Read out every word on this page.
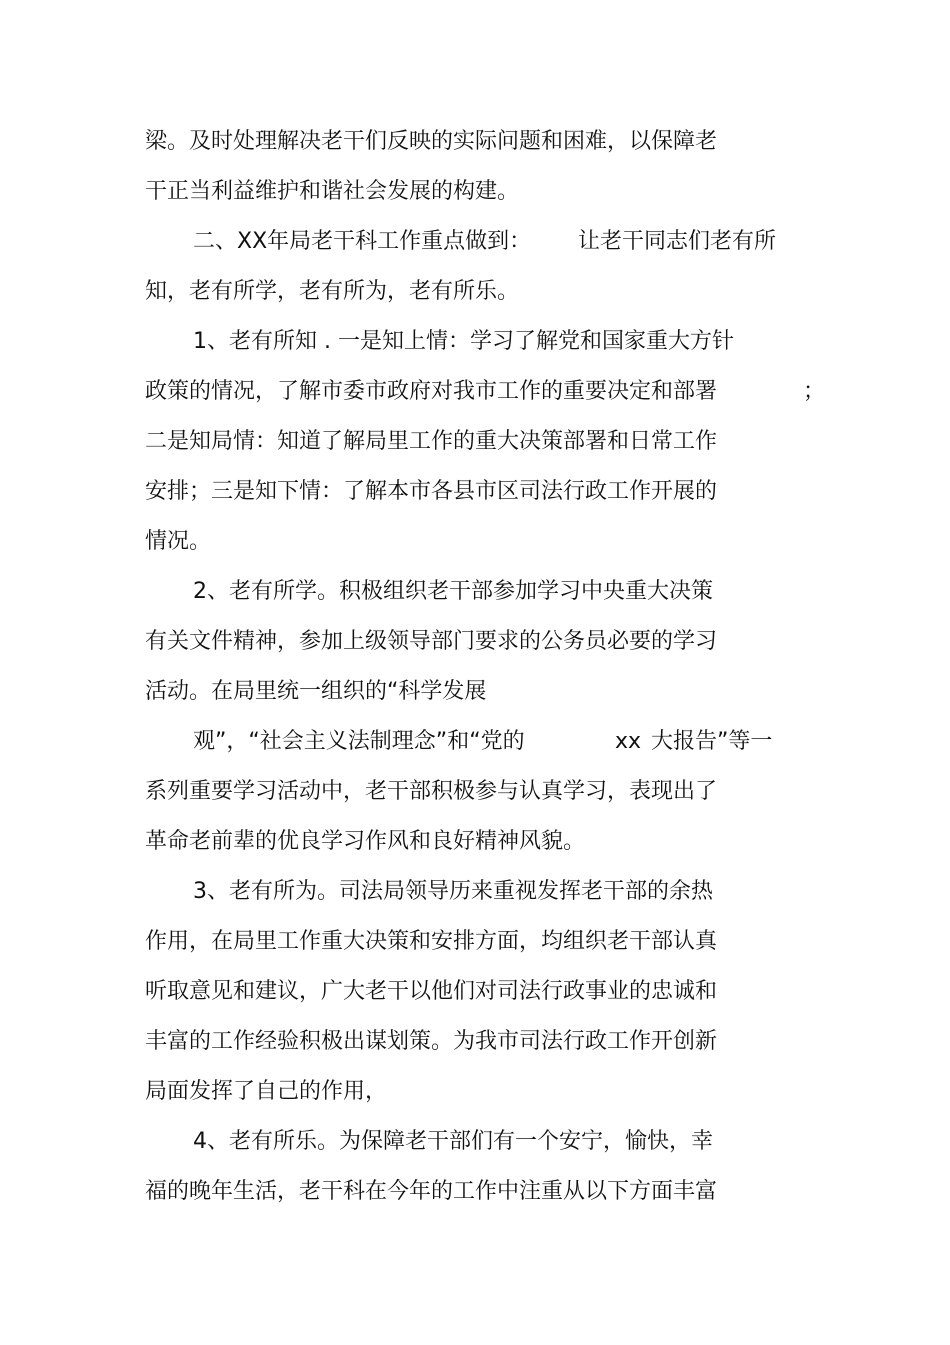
梁。及时处理解决老干们反映的实际问题和困难，以保障老
干正当利益维护和谐社会发展的构建。
二、XX年局老干科工作重点做到： 让老干同志们老有所
知，老有所学，老有所为，老有所乐。
1、老有所知 . 一是知上情：学习了解党和国家重大方针
政策的情况，了解市委市政府对我市工作的重要决定和部署	；
二是知局情：知道了解局里工作的重大决策部署和日常工作
安排；三是知下情：了解本市各县市区司法行政工作开展的
情况。
2、老有所学。积极组织老干部参加学习中央重大决策
有关文件精神，参加上级领导部门要求的公务员必要的学习
活动。在局里统一组织的“科学发展
观”，“社会主义法制理念”和“党的	xx 大报告”等一
系列重要学习活动中，老干部积极参与认真学习，表现出了
革命老前辈的优良学习作风和良好精神风貌。
3、老有所为。司法局领导历来重视发挥老干部的余热
作用，在局里工作重大决策和安排方面，均组织老干部认真
听取意见和建议，广大老干以他们对司法行政事业的忠诚和
丰富的工作经验积极出谋划策。为我市司法行政工作开创新
局面发挥了自己的作用，
4、老有所乐。为保障老干部们有一个安宁，愉快，幸
福的晚年生活，老干科在今年的工作中注重从以下方面丰富
